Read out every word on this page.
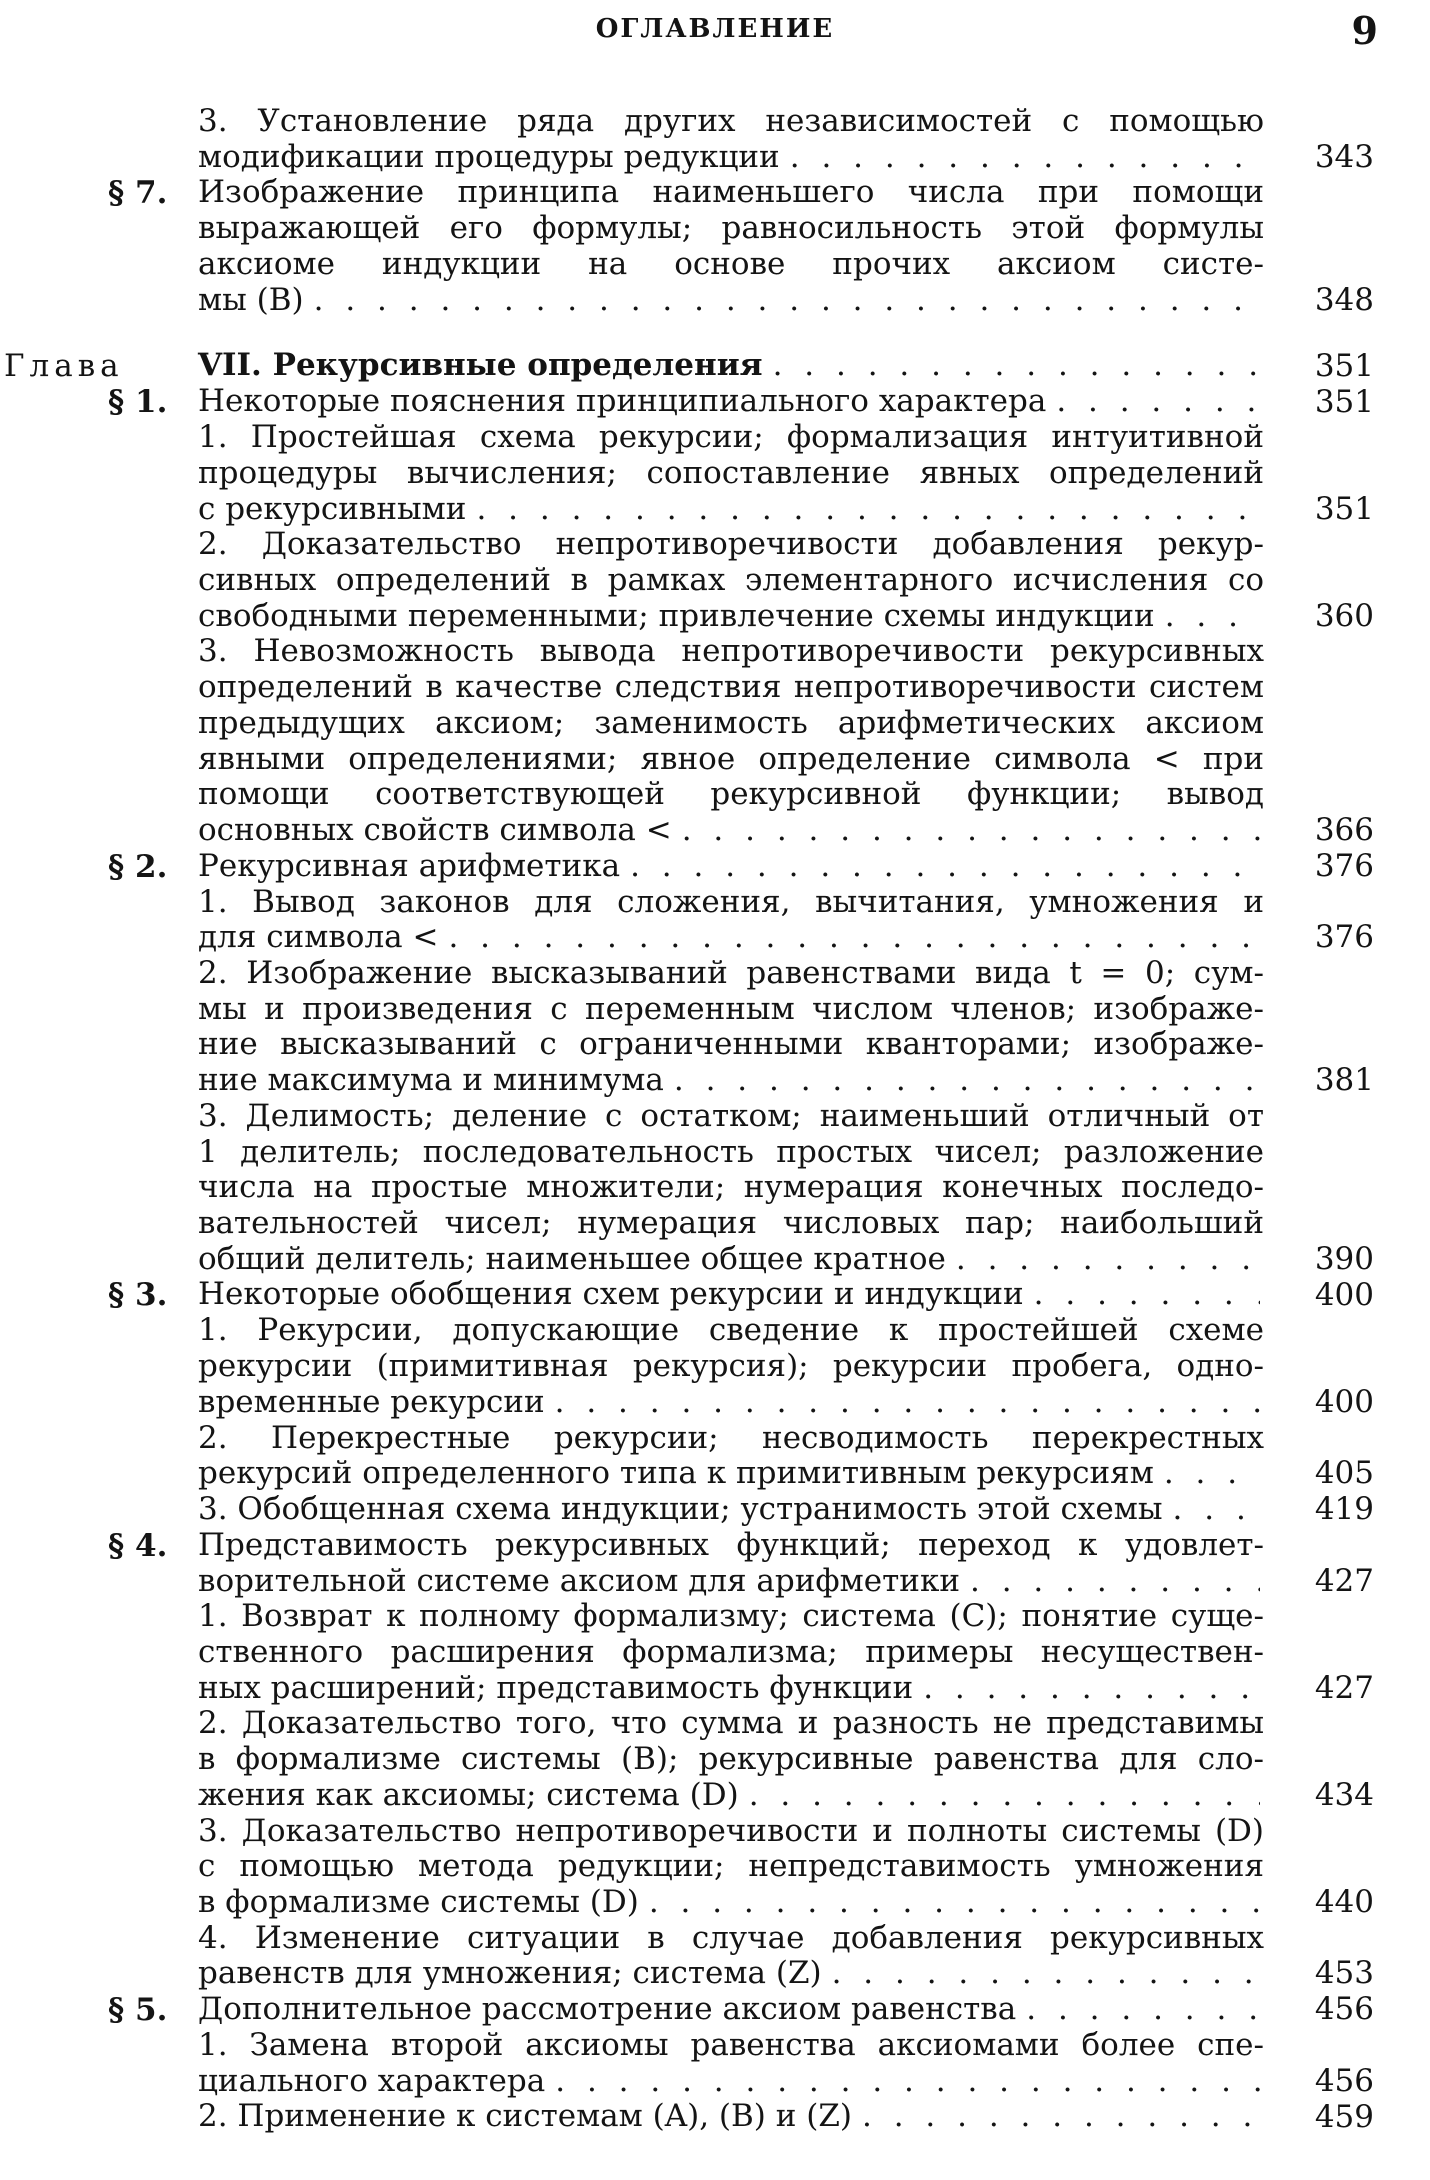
ОГЛАВЛЕНИЕ	9
3. Установление ряда других независимостей с помощью
модификации процедуры редукции . . .	343
§ 7. Изображение принципа наименьшего числа при помощи
выражающей его формулы; равносильность этой формулы
аксиоме индукции на основе прочих аксиом систе-
мы (B) . . .	348
Глава VII. Рекурсивные определения . . .	351
§ 1. Некоторые пояснения принципиального характера . . .	351
1. Простейшая схема рекурсии; формализация интуитивной
процедуры вычисления; сопоставление явных определений
с рекурсивными . . .	351
2. Доказательство непротиворечивости добавления рекур-
сивных определений в рамках элементарного исчисления со
свободными переменными; привлечение схемы индукции . . .	360
3. Невозможность вывода непротиворечивости рекурсивных
определений в качестве следствия непротиворечивости систем
предыдущих аксиом; заменимость арифметических аксиом
явными определениями; явное определение символа < при
помощи соответствующей рекурсивной функции; вывод
основных свойств символа < . . .	366
§ 2. Рекурсивная арифметика . . .	376
1. Вывод законов для сложения, вычитания, умножения и
для символа < . . .	376
2. Изображение высказываний равенствами вида t = 0; сум-
мы и произведения с переменным числом членов; изображе-
ние высказываний с ограниченными кванторами; изображе-
ние максимума и минимума . . .	381
3. Делимость; деление с остатком; наименьший отличный от
1 делитель; последовательность простых чисел; разложение
числа на простые множители; нумерация конечных последо-
вательностей чисел; нумерация числовых пар; наибольший
общий делитель; наименьшее общее кратное . . .	390
§ 3. Некоторые обобщения схем рекурсии и индукции . . .	400
1. Рекурсии, допускающие сведение к простейшей схеме
рекурсии (примитивная рекурсия); рекурсии пробега, одно-
временные рекурсии . . .	400
2. Перекрестные рекурсии; несводимость перекрестных
рекурсий определенного типа к примитивным рекурсиям . . .	405
3. Обобщенная схема индукции; устранимость этой схемы . . .	419
§ 4. Представимость рекурсивных функций; переход к удовлет-
ворительной системе аксиом для арифметики . . .	427
1. Возврат к полному формализму; система (C); понятие суще-
ственного расширения формализма; примеры несуществен-
ных расширений; представимость функции . . .	427
2. Доказательство того, что сумма и разность не представимы
в формализме системы (B); рекурсивные равенства для сло-
жения как аксиомы; система (D) . . .	434
3. Доказательство непротиворечивости и полноты системы (D)
с помощью метода редукции; непредставимость умножения
в формализме системы (D) . . .	440
4. Изменение ситуации в случае добавления рекурсивных
равенств для умножения; система (Z) . . .	453
§ 5. Дополнительное рассмотрение аксиом равенства . . .	456
1. Замена второй аксиомы равенства аксиомами более спе-
циального характера . . .	456
2. Применение к системам (A), (B) и (Z) . . .	459
